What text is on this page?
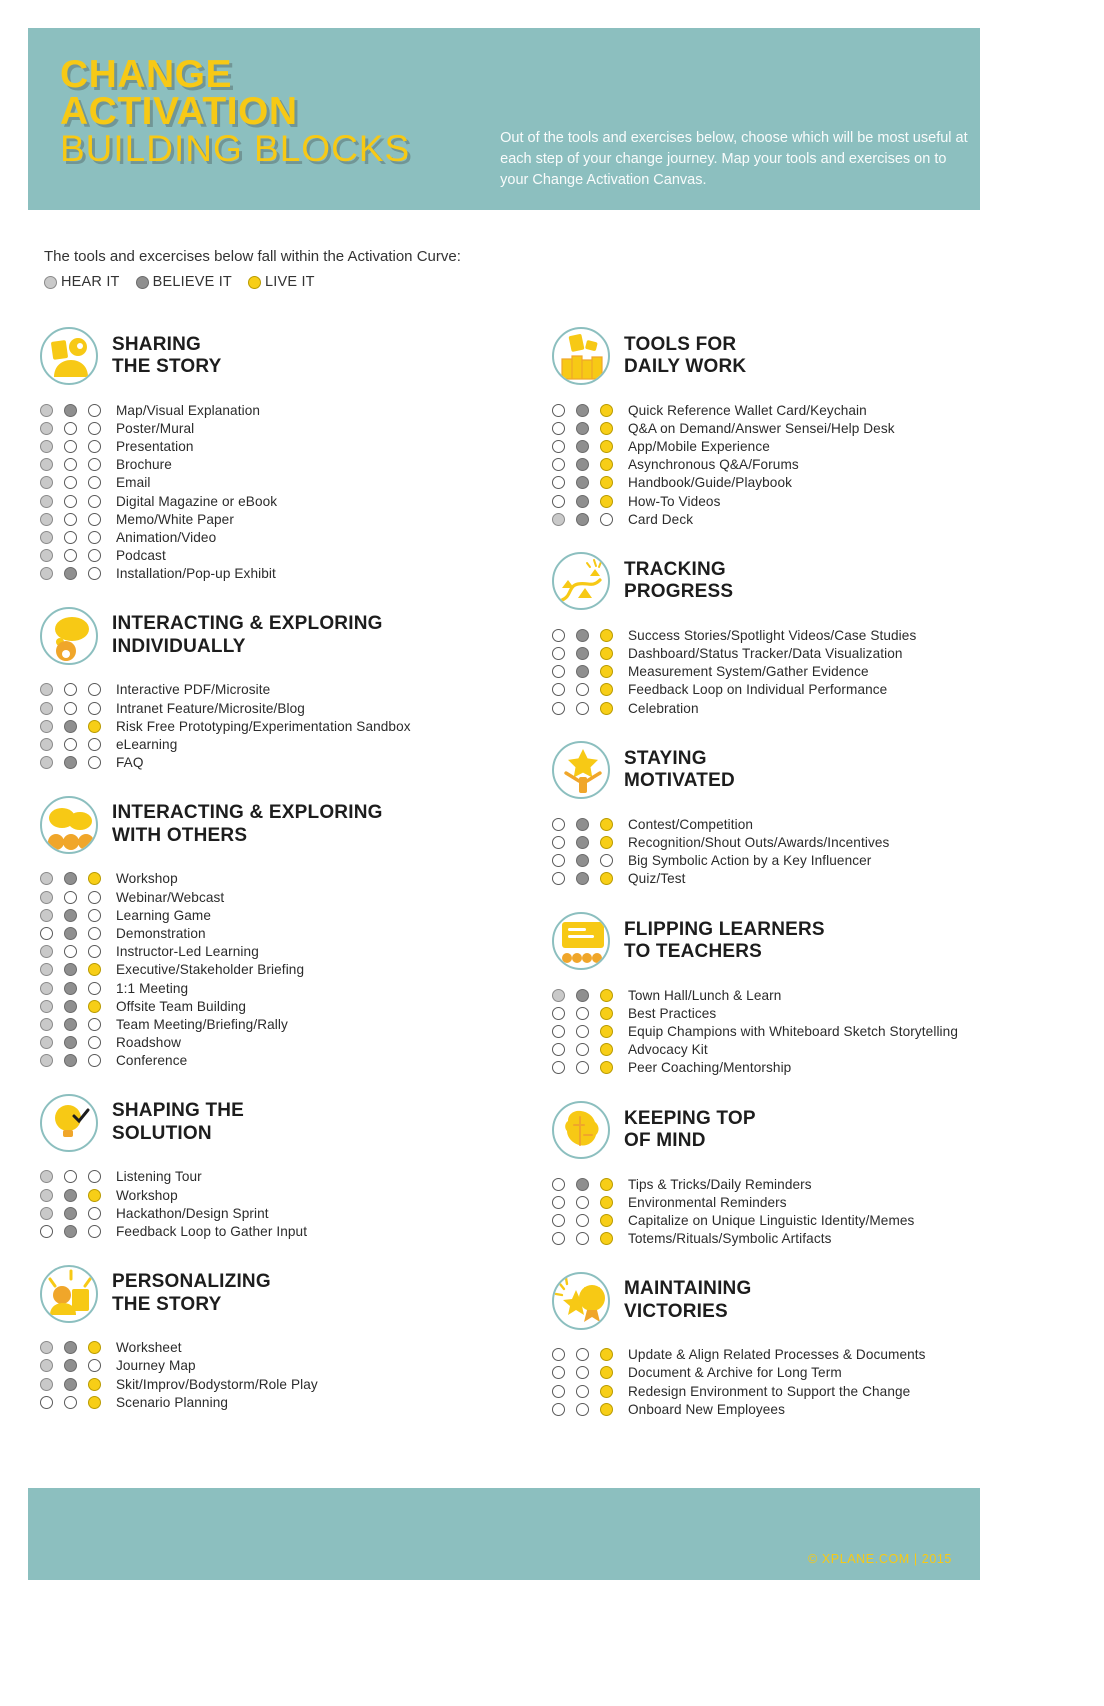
CHANGE
ACTIVATION
BUILDING BLOCKS	Out of the tools and exercises below, choose which will be most useful at each step of your change journey. Map your tools and exercises on to your Change Activation Canvas.
The tools and excercises below fall within the Activation Curve:
HEAR IT BELIEVE IT LIVE IT
SHARING
THE STORY
Map/Visual Explanation
Poster/Mural
Presentation
Brochure
Email
Digital Magazine or eBook
Memo/White Paper
Animation/Video
Podcast
Installation/Pop-up Exhibit
INTERACTING & EXPLORING
INDIVIDUALLY
Interactive PDF/Microsite
Intranet Feature/Microsite/Blog
Risk Free Prototyping/Experimentation Sandbox
eLearning
FAQ
INTERACTING & EXPLORING
WITH OTHERS
Workshop
Webinar/Webcast
Learning Game
Demonstration
Instructor-Led Learning
Executive/Stakeholder Briefing
1:1 Meeting
Offsite Team Building
Team Meeting/Briefing/Rally
Roadshow
Conference
SHAPING THE
SOLUTION
Listening Tour
Workshop
Hackathon/Design Sprint
Feedback Loop to Gather Input
PERSONALIZING
THE STORY
Worksheet
Journey Map
Skit/Improv/Bodystorm/Role Play
Scenario Planning
TOOLS FOR
DAILY WORK
Quick Reference Wallet Card/Keychain
Q&A on Demand/Answer Sensei/Help Desk
App/Mobile Experience
Asynchronous Q&A/Forums
Handbook/Guide/Playbook
How-To Videos
Card Deck
TRACKING
PROGRESS
Success Stories/Spotlight Videos/Case Studies
Dashboard/Status Tracker/Data Visualization
Measurement System/Gather Evidence
Feedback Loop on Individual Performance
Celebration
STAYING
MOTIVATED
Contest/Competition
Recognition/Shout Outs/Awards/Incentives
Big Symbolic Action by a Key Influencer
Quiz/Test
FLIPPING LEARNERS
TO TEACHERS
Town Hall/Lunch & Learn
Best Practices
Equip Champions with Whiteboard Sketch Storytelling
Advocacy Kit
Peer Coaching/Mentorship
KEEPING TOP
OF MIND
Tips & Tricks/Daily Reminders
Environmental Reminders
Capitalize on Unique Linguistic Identity/Memes
Totems/Rituals/Symbolic Artifacts
MAINTAINING
VICTORIES
Update & Align Related Processes & Documents
Document & Archive for Long Term
Redesign Environment to Support the Change
Onboard New Employees
© XPLANE.COM | 2015
